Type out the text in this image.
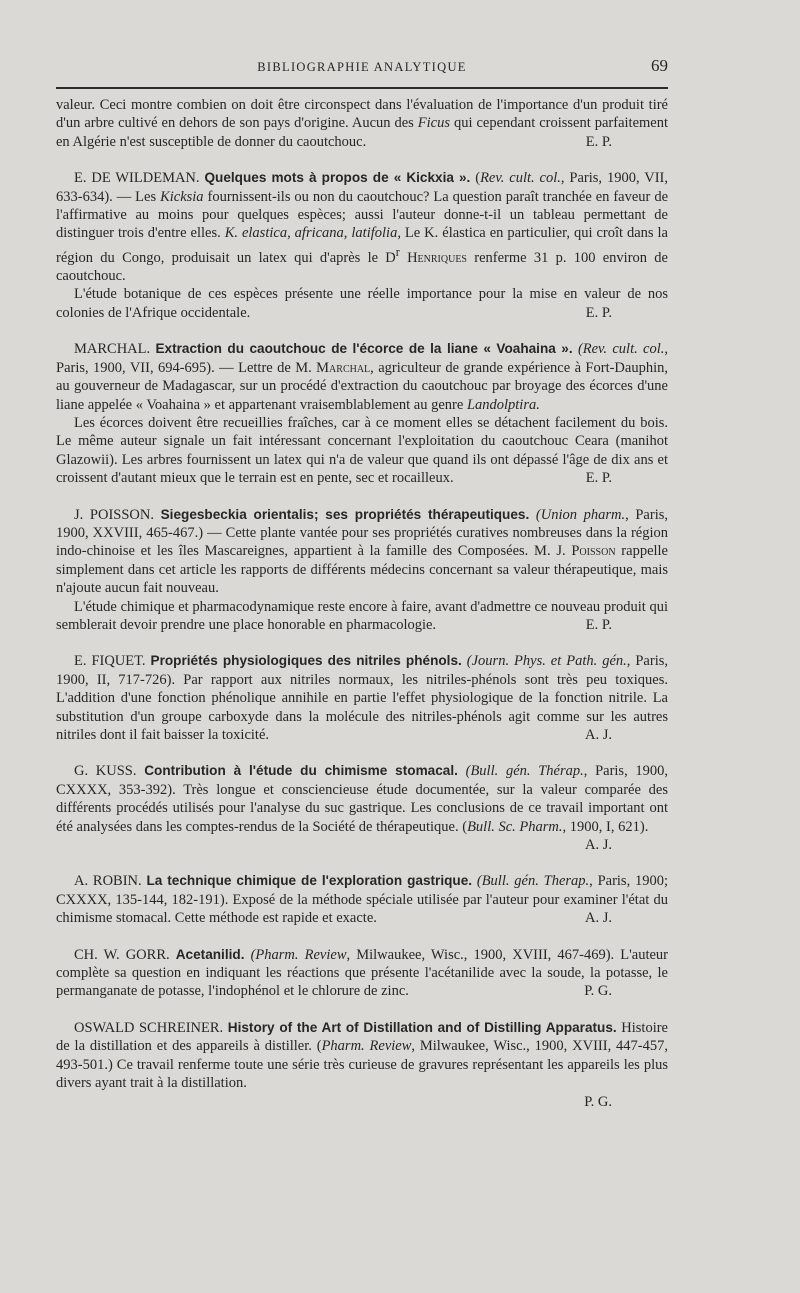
BIBLIOGRAPHIE ANALYTIQUE	69

valeur. Ceci montre combien on doit être circonspect dans l'évaluation de l'importance d'un produit tiré d'un arbre cultivé en dehors de son pays d'origine. Aucun des Ficus qui cependant croissent parfaitement en Algérie n'est susceptible de donner du caoutchouc.	E. P.

E. DE WILDEMAN. Quelques mots à propos de « Kickxia ». (Rev. cult. col., Paris, 1900, VII, 633-634). — Les Kicksia fournissent-ils ou non du caoutchouc? La question paraît tranchée en faveur de l'affirmative au moins pour quelques espèces; aussi l'auteur donne-t-il un tableau permettant de distinguer trois d'entre elles. K. elastica, africana, latifolia, Le K. élastica en particulier, qui croît dans la région du Congo, produisait un latex qui d'après le $D^r$ Henriques renferme 31 p. 100 environ de caoutchouc.

L'étude botanique de ces espèces présente une réelle importance pour la mise en valeur de nos colonies de l'Afrique occidentale.	E. P.

MARCHAL. Extraction du caoutchouc de l'écorce de la liane « Voahaina ». (Rev. cult. col., Paris, 1900, VII, 694-695). — Lettre de M. Marchal, agriculteur de grande expérience à Fort-Dauphin, au gouverneur de Madagascar, sur un procédé d'extraction du caoutchouc par broyage des écorces d'une liane appelée « Voahaina » et appartenant vraisemblablement au genre Landolptira.

Les écorces doivent être recueillies fraîches, car à ce moment elles se détachent facilement du bois. Le même auteur signale un fait intéressant concernant l'exploitation du caoutchouc Ceara (manihot Glazowii). Les arbres fournissent un latex qui n'a de valeur que quand ils ont dépassé l'âge de dix ans et croissent d'autant mieux que le terrain est en pente, sec et rocailleux.	E. P.

J. POISSON. Siegesbeckia orientalis; ses propriétés thérapeutiques. (Union pharm., Paris, 1900, XXVIII, 465-467.) — Cette plante vantée pour ses propriétés curatives nombreuses dans la région indo-chinoise et les îles Mascareignes, appartient à la famille des Composées. M. J. Poisson rappelle simplement dans cet article les rapports de différents médecins concernant sa valeur thérapeutique, mais n'ajoute aucun fait nouveau.

L'étude chimique et pharmacodynamique reste encore à faire, avant d'admettre ce nouveau produit qui semblerait devoir prendre une place honorable en pharmacologie.	E. P.

E. FIQUET. Propriétés physiologiques des nitriles phénols. (Journ. Phys. et Path. gén., Paris, 1900, II, 717-726). Par rapport aux nitriles normaux, les nitriles-phénols sont très peu toxiques. L'addition d'une fonction phénolique annihile en partie l'effet physiologique de la fonction nitrile. La substitution d'un groupe carboxyde dans la molécule des nitriles-phénols agit comme sur les autres nitriles dont il fait baisser la toxicité.	A. J.

G. KUSS. Contribution à l'étude du chimisme stomacal. (Bull. gén. Thérap., Paris, 1900, CXXXX, 353-392). Très longue et consciencieuse étude documentée, sur la valeur comparée des différents procédés utilisés pour l'analyse du suc gastrique. Les conclusions de ce travail important ont été analysées dans les comptes-rendus de la Société de thérapeutique. (Bull. Sc. Pharm., 1900, I, 621).
A. J.

A. ROBIN. La technique chimique de l'exploration gastrique. (Bull. gén. Therap., Paris, 1900; CXXXX, 135-144, 182-191). Exposé de la méthode spéciale utilisée par l'auteur pour examiner l'état du chimisme stomacal. Cette méthode est rapide et exacte.	A. J.

CH. W. GORR. Acetanilid. (Pharm. Review, Milwaukee, Wisc., 1900, XVIII, 467-469). L'auteur complète sa question en indiquant les réactions que présente l'acétanilide avec la soude, la potasse, le permanganate de potasse, l'indophénol et le chlorure de zinc.	P. G.

OSWALD SCHREINER. History of the Art of Distillation and of Distilling Apparatus. Histoire de la distillation et des appareils à distiller. (Pharm. Review, Milwaukee, Wisc., 1900, XVIII, 447-457, 493-501.) Ce travail renferme toute une série très curieuse de gravures représentant les appareils les plus divers ayant trait à la distillation.

P. G.
